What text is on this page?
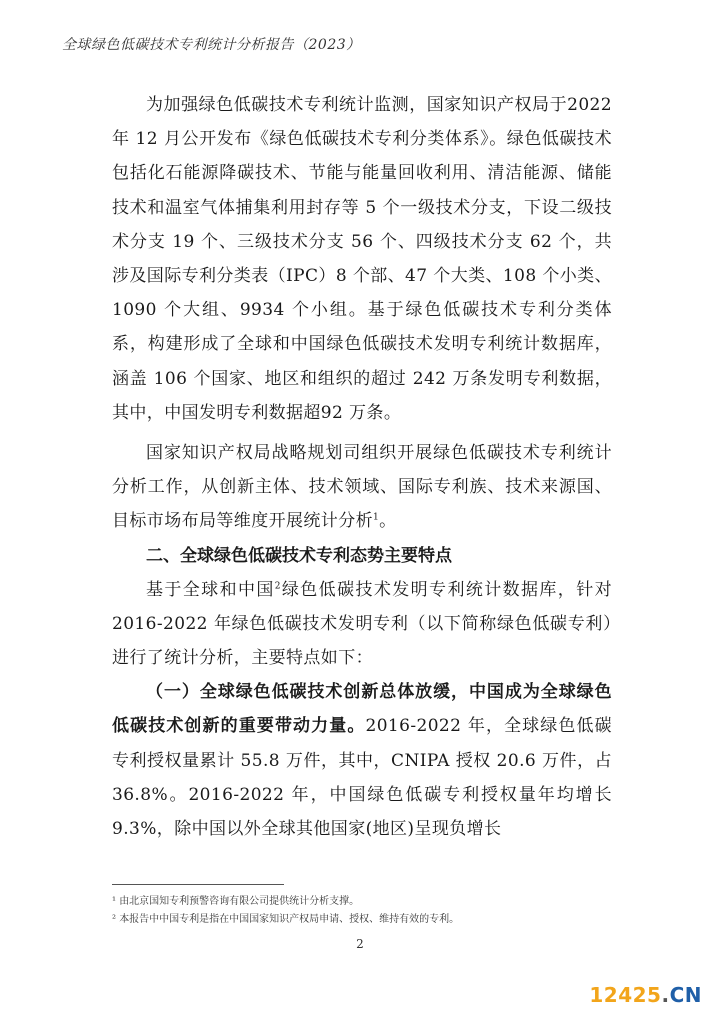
全球绿色低碳技术专利统计分析报告（2023）

为加强绿色低碳技术专利统计监测，国家知识产权局于2022 年 12 月公开发布《绿色低碳技术专利分类体系》。绿色低碳技术包括化石能源降碳技术、节能与能量回收利用、清洁能源、储能技术和温室气体捕集利用封存等 5 个一级技术分支，下设二级技术分支 19 个、三级技术分支 56 个、四级技术分支 62 个，共涉及国际专利分类表（IPC）8 个部、47 个大类、108 个小类、1090 个大组、9934 个小组。基于绿色低碳技术专利分类体系，构建形成了全球和中国绿色低碳技术发明专利统计数据库，涵盖 106 个国家、地区和组织的超过 242 万条发明专利数据，其中，中国发明专利数据超92 万条。

国家知识产权局战略规划司组织开展绿色低碳技术专利统计分析工作，从创新主体、技术领域、国际专利族、技术来源国、目标市场布局等维度开展统计分析$^1$。

二、全球绿色低碳技术专利态势主要特点

基于全球和中国$^2$绿色低碳技术发明专利统计数据库，针对 2016-2022 年绿色低碳技术发明专利（以下简称绿色低碳专利）进行了统计分析，主要特点如下：

（一）全球绿色低碳技术创新总体放缓，中国成为全球绿色低碳技术创新的重要带动力量。2016-2022 年，全球绿色低碳专利授权量累计 55.8 万件，其中，CNIPA 授权 20.6 万件，占 36.8%。2016-2022 年，中国绿色低碳专利授权量年均增长 9.3%，除中国以外全球其他国家(地区)呈现负增长

¹ 由北京国知专利预警咨询有限公司提供统计分析支撑。
² 本报告中中国专利是指在中国国家知识产权局申请、授权、维持有效的专利。
2
12425.CN
